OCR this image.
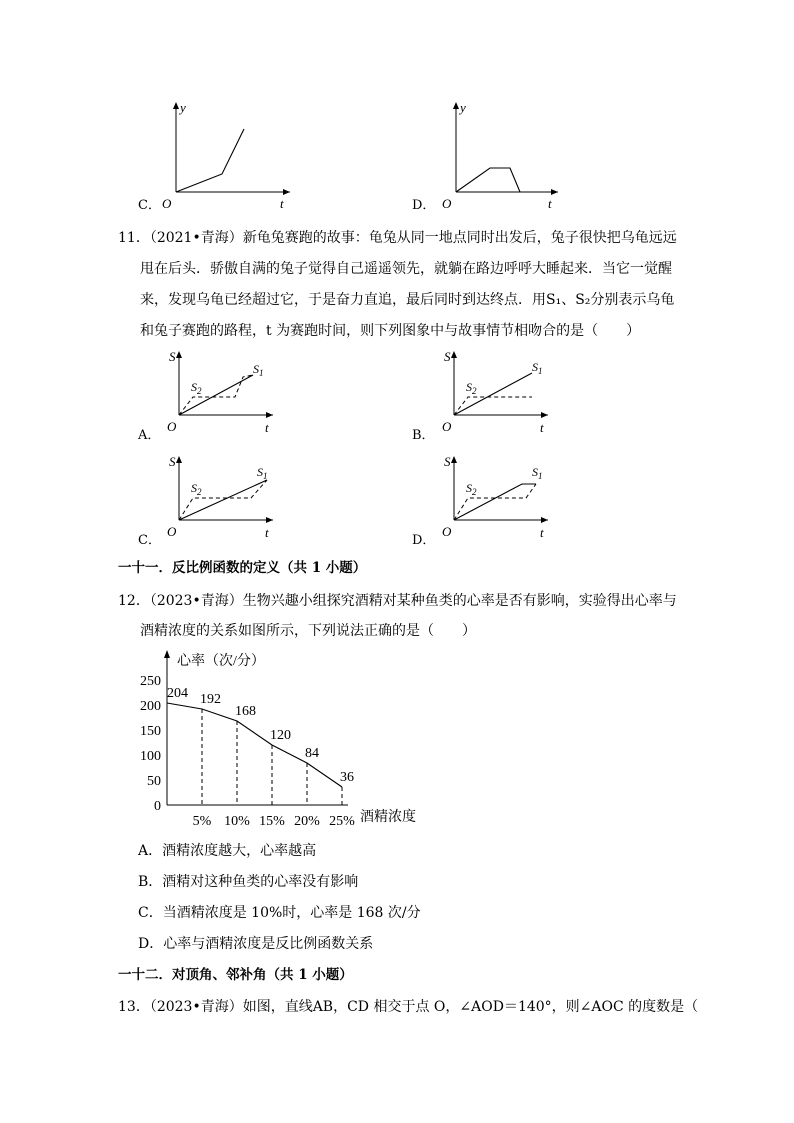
y
t
O
C．
y
t
O
D．
11．（2021•青海）新龟兔赛跑的故事：龟兔从同一地点同时出发后，兔子很快把乌龟远远
甩在后头．骄傲自满的兔子觉得自己遥遥领先，就躺在路边呼呼大睡起来．当它一觉醒
来，发现乌龟已经超过它，于是奋力直追，最后同时到达终点．用S₁、S₂分别表示乌龟
和兔子赛跑的路程，t 为赛跑时间，则下列图象中与故事情节相吻合的是（　　）
S
t
O
$S_2$
$S_1$
A．
S
t
O
$S_2$
$S_1$
B．
S
t
O
$S_2$
$S_1$
C．
S
t
O
$S_2$
$S_1$
D．
一十一．反比例函数的定义（共 1 小题）
12．（2023•青海）生物兴趣小组探究酒精对某种鱼类的心率是否有影响，实验得出心率与
酒精浓度的关系如图所示，下列说法正确的是（　　）
心率（次/分）
酒精浓度
0
50
100
150
200
250
5% 10% 15% 20% 25%
204 192
168
120
84
36
A．酒精浓度越大，心率越高
B．酒精对这种鱼类的心率没有影响
C．当酒精浓度是 10%时，心率是 168 次/分
D．心率与酒精浓度是反比例函数关系
一十二．对顶角、邻补角（共 1 小题）
13．（2023•青海）如图，直线AB，CD 相交于点 O，∠AOD＝140°，则∠AOC 的度数是（
